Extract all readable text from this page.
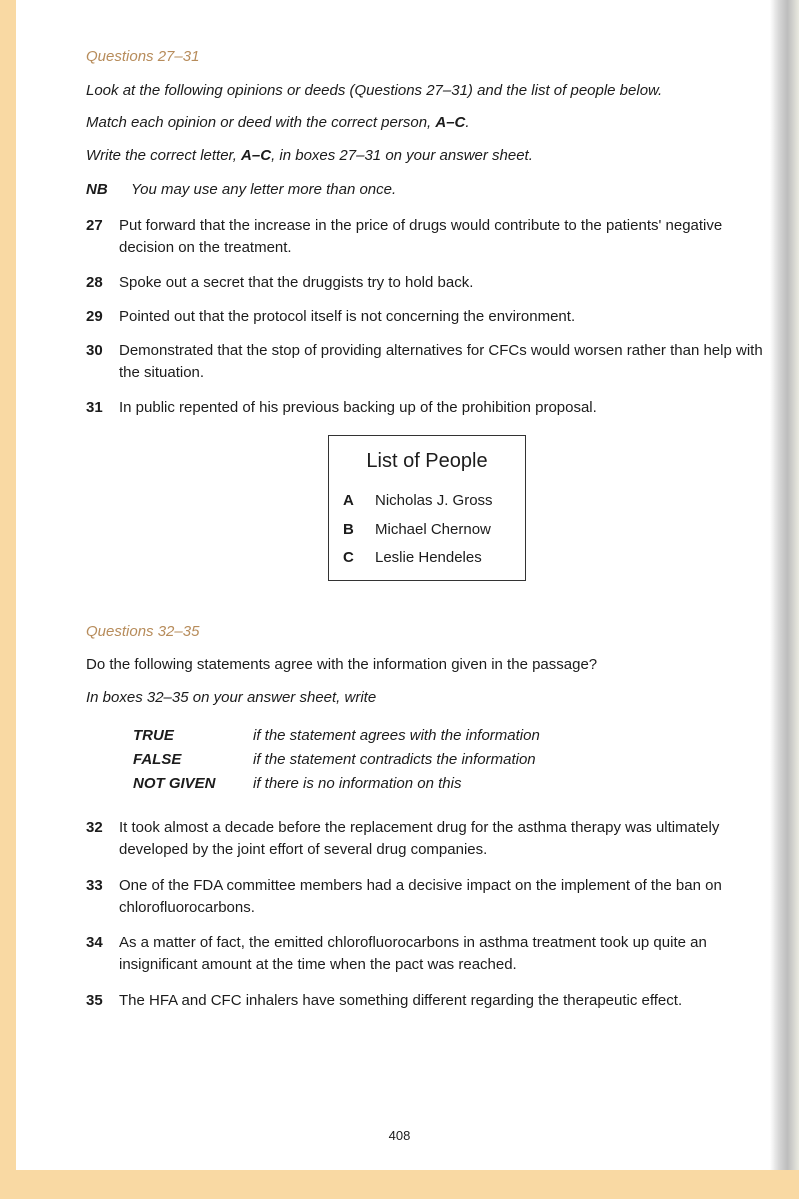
Questions 27–31
Look at the following opinions or deeds (Questions 27–31) and the list of people below.
Match each opinion or deed with the correct person, A–C.
Write the correct letter, A–C, in boxes 27–31 on your answer sheet.
NB You may use any letter more than once.
27 Put forward that the increase in the price of drugs would contribute to the patients' negative decision on the treatment.
28 Spoke out a secret that the druggists try to hold back.
29 Pointed out that the protocol itself is not concerning the environment.
30 Demonstrated that the stop of providing alternatives for CFCs would worsen rather than help with the situation.
31 In public repented of his previous backing up of the prohibition proposal.
List of People
A Nicholas J. Gross
B Michael Chernow
C Leslie Hendeles
Questions 32–35
Do the following statements agree with the information given in the passage?
In boxes 32–35 on your answer sheet, write
TRUE	if the statement agrees with the information
FALSE	if the statement contradicts the information
NOT GIVEN if there is no information on this
32 It took almost a decade before the replacement drug for the asthma therapy was ultimately developed by the joint effort of several drug companies.
33 One of the FDA committee members had a decisive impact on the implement of the ban on chlorofluorocarbons.
34 As a matter of fact, the emitted chlorofluorocarbons in asthma treatment took up quite an insignificant amount at the time when the pact was reached.
35 The HFA and CFC inhalers have something different regarding the therapeutic effect.
408
